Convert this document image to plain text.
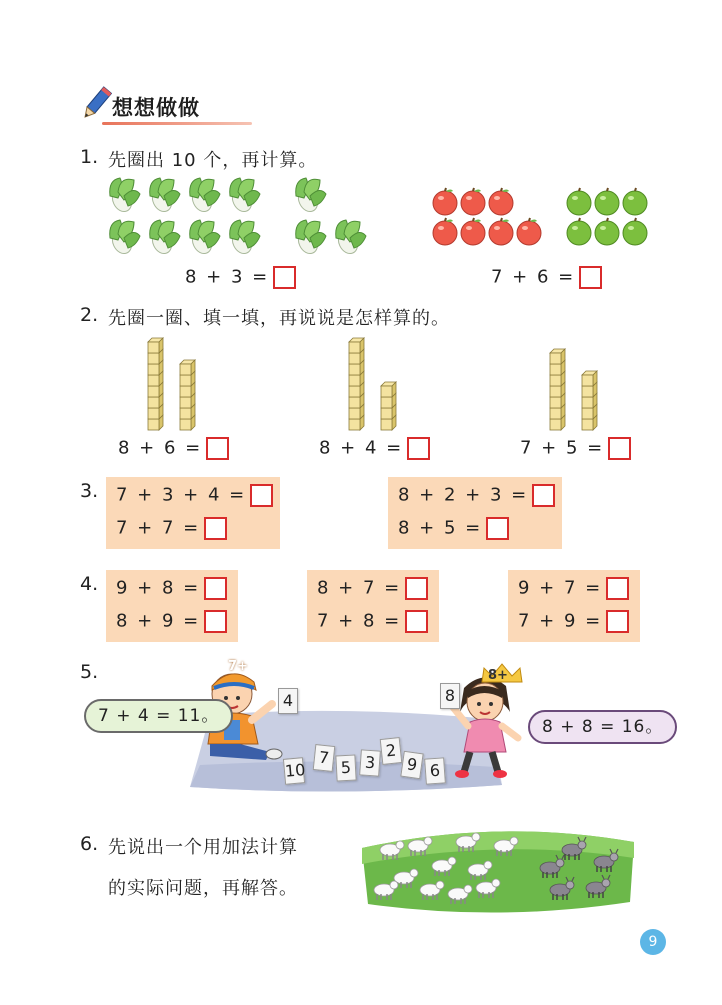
想想做做
1. 先圈出 10 个，再计算。
8 + 3 =	7 + 6 =
2. 先圈一圈、填一填，再说说是怎样算的。
8 + 6 =	8 + 4 =	7 + 5 =
3. 7 + 3 + 4 =
7 + 7 =
8 + 2 + 3 =
8 + 5 =
4. 9 + 8 =
8 + 9 =
8 + 7 =
7 + 8 =
9 + 7 =
7 + 9 =
5.	7+
4
8+
8
10
7
5 3
2
9 6
7 + 4 = 11。
8 + 8 = 16。
6. 先说出一个用加法计算
的实际问题，再解答。
9
